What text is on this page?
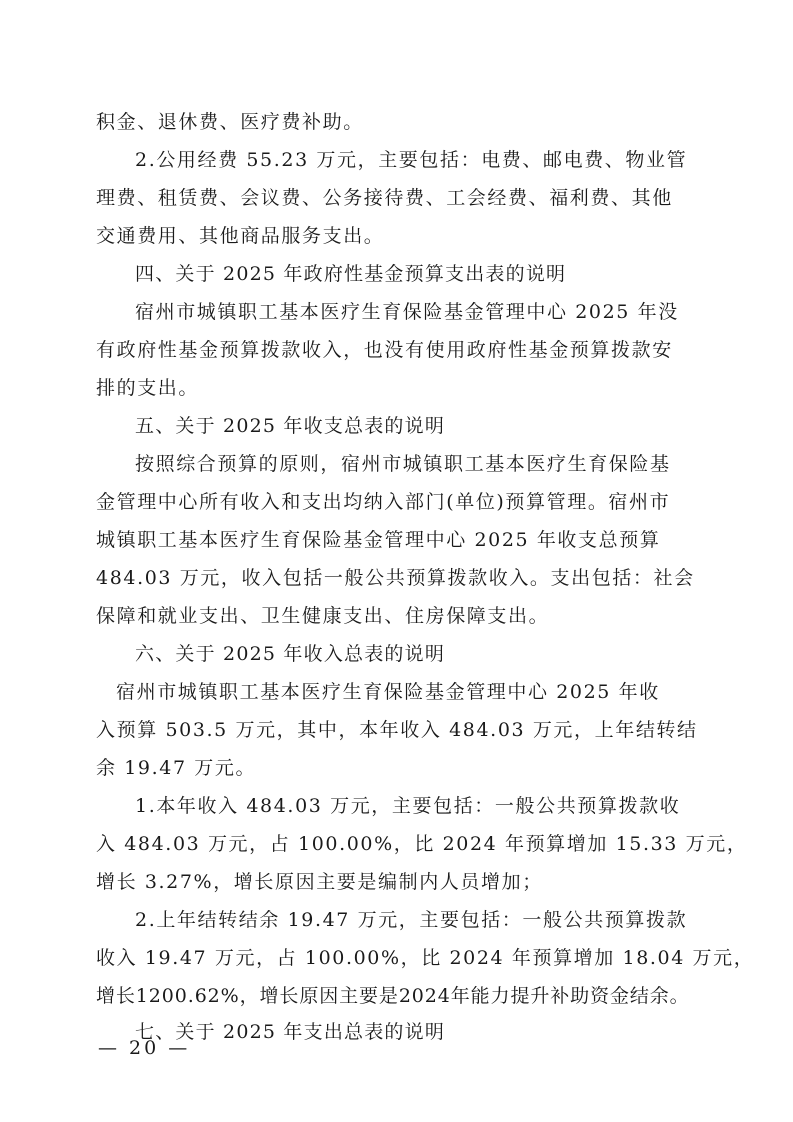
积金、退休费、医疗费补助。

2.公用经费 55.23 万元，主要包括：电费、邮电费、物业管

理费、租赁费、会议费、公务接待费、工会经费、福利费、其他

交通费用、其他商品服务支出。

四、关于 2025 年政府性基金预算支出表的说明

宿州市城镇职工基本医疗生育保险基金管理中心 2025 年没

有政府性基金预算拨款收入，也没有使用政府性基金预算拨款安

排的支出。

五、关于 2025 年收支总表的说明

按照综合预算的原则，宿州市城镇职工基本医疗生育保险基

金管理中心所有收入和支出均纳入部门(单位)预算管理。宿州市

城镇职工基本医疗生育保险基金管理中心 2025 年收支总预算

484.03 万元，收入包括一般公共预算拨款收入。支出包括：社会

保障和就业支出、卫生健康支出、住房保障支出。

六、关于 2025 年收入总表的说明

宿州市城镇职工基本医疗生育保险基金管理中心 2025 年收

入预算 503.5 万元，其中，本年收入 484.03 万元，上年结转结

余 19.47 万元。

1.本年收入 484.03 万元，主要包括：一般公共预算拨款收

入 484.03 万元，占 100.00%，比 2024 年预算增加 15.33 万元，

增长 3.27%，增长原因主要是编制内人员增加；

2.上年结转结余 19.47 万元，主要包括：一般公共预算拨款

收入 19.47 万元，占 100.00%，比 2024 年预算增加 18.04 万元，

增长1200.62%，增长原因主要是2024年能力提升补助资金结余。

七、关于 2025 年支出总表的说明

— 20 —
